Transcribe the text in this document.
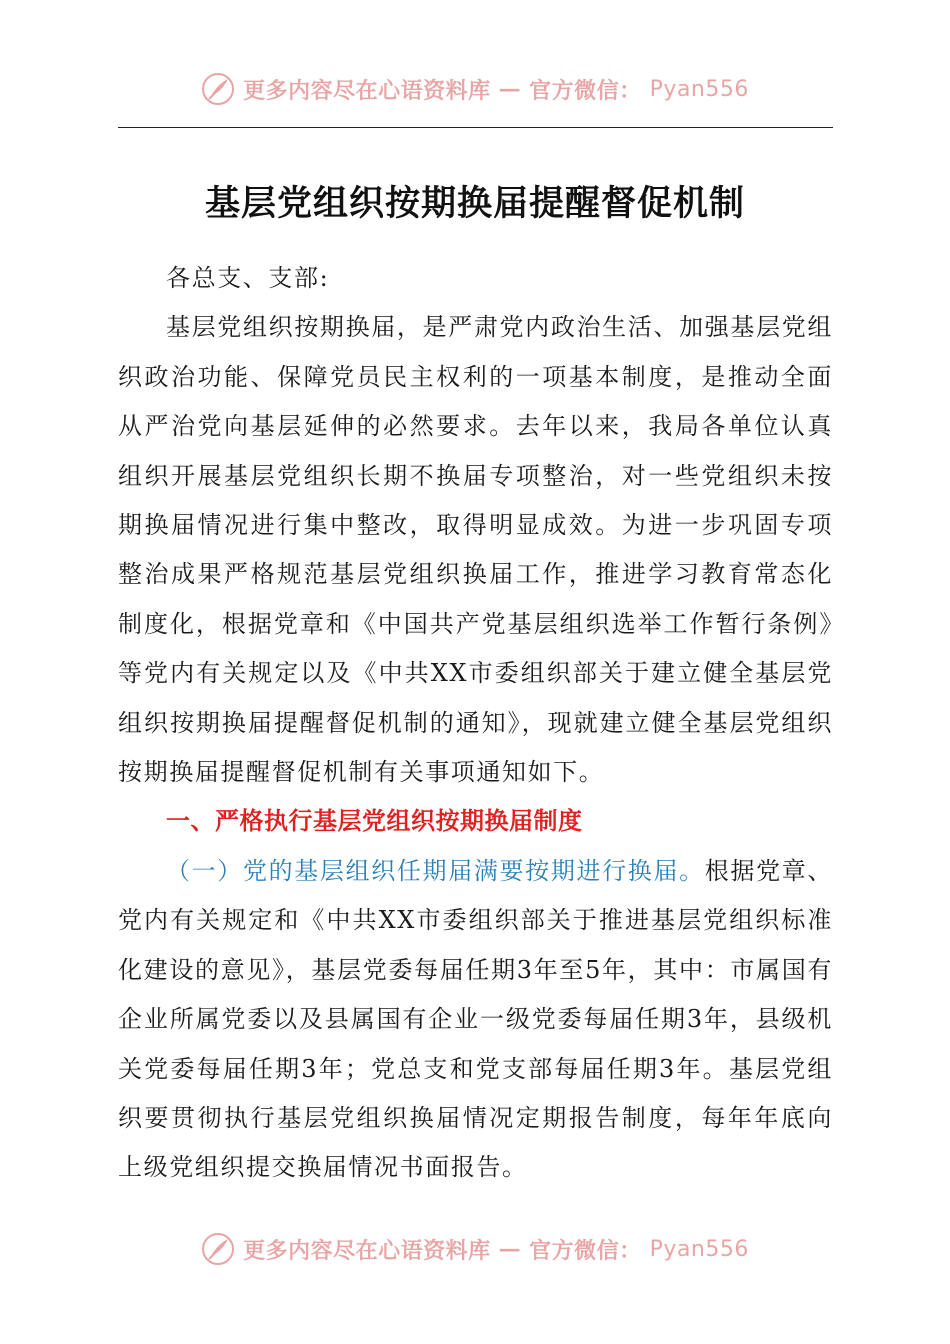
更多内容尽在心语资料库 — 官方微信： Pyan556
基层党组织按期换届提醒督促机制

各总支、支部:

基层党组织按期换届，是严肃党内政治生活、加强基层党组织政治功能、保障党员民主权利的一项基本制度，是推动全面从严治党向基层延伸的必然要求。去年以来，我局各单位认真组织开展基层党组织长期不换届专项整治，对一些党组织未按期换届情况进行集中整改，取得明显成效。为进一步巩固专项整治成果严格规范基层党组织换届工作，推进学习教育常态化制度化，根据党章和《中国共产党基层组织选举工作暂行条例》等党内有关规定以及《中共XX市委组织部关于建立健全基层党组织按期换届提醒督促机制的通知》，现就建立健全基层党组织按期换届提醒督促机制有关事项通知如下。

一、严格执行基层党组织按期换届制度

（一）党的基层组织任期届满要按期进行换届。根据党章、党内有关规定和《中共XX市委组织部关于推进基层党组织标准化建设的意见》，基层党委每届任期3年至5年，其中：市属国有企业所属党委以及县属国有企业一级党委每届任期3年，县级机关党委每届任期3年；党总支和党支部每届任期3年。基层党组织要贯彻执行基层党组织换届情况定期报告制度，每年年底向上级党组织提交换届情况书面报告。

更多内容尽在心语资料库 — 官方微信： Pyan556
